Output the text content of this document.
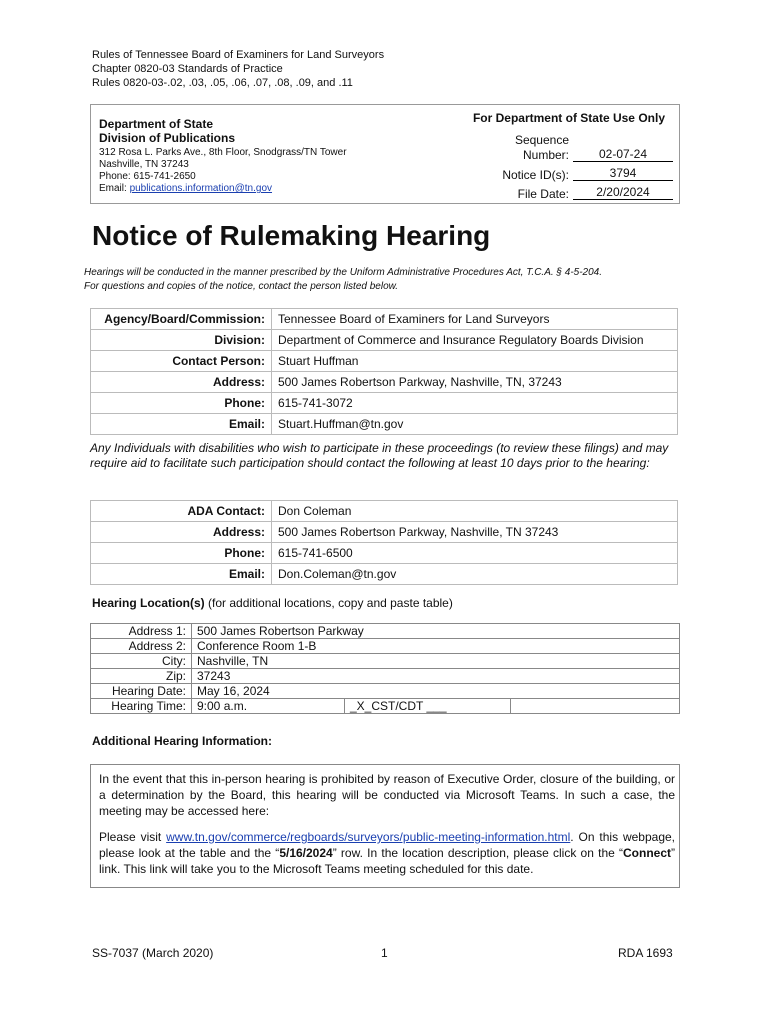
Rules of Tennessee Board of Examiners for Land Surveyors
Chapter 0820-03 Standards of Practice
Rules 0820-03-.02, .03, .05, .06, .07, .08, .09, and .11
Department of State
Division of Publications
312 Rosa L. Parks Ave., 8th Floor, Snodgrass/TN Tower
Nashville, TN 37243
Phone: 615-741-2650
Email: publications.information@tn.gov
For Department of State Use Only
Sequence
Number:	02-07-24
Notice ID(s):	3794
File Date:	2/20/2024
Notice of Rulemaking Hearing
Hearings will be conducted in the manner prescribed by the Uniform Administrative Procedures Act, T.C.A. § 4-5-204.
For questions and copies of the notice, contact the person listed below.
Agency/Board/Commission:	Tennessee Board of Examiners for Land Surveyors
Division:	Department of Commerce and Insurance Regulatory Boards Division
Contact Person:	Stuart Huffman
Address:	500 James Robertson Parkway, Nashville, TN, 37243
Phone:	615-741-3072
Email:	Stuart.Huffman@tn.gov
Any Individuals with disabilities who wish to participate in these proceedings (to review these filings) and may require aid to facilitate such participation should contact the following at least 10 days prior to the hearing:
ADA Contact:	Don Coleman
Address:	500 James Robertson Parkway, Nashville, TN 37243
Phone:	615-741-6500
Email:	Don.Coleman@tn.gov
Hearing Location(s) (for additional locations, copy and paste table)
Address 1:	500 James Robertson Parkway		
Address 2:	Conference Room 1-B		
City:	Nashville, TN		
Zip:	37243		
Hearing Date:	May 16, 2024		
Hearing Time:	9:00 a.m.	_X_CST/CDT ___	
Additional Hearing Information:

In the event that this in-person hearing is prohibited by reason of Executive Order, closure of the building, or a determination by the Board, this hearing will be conducted via Microsoft Teams. In such a case, the meeting may be accessed here:

Please visit www.tn.gov/commerce/regboards/surveyors/public-meeting-information.html. On this webpage, please look at the table and the “5/16/2024” row. In the location description, please click on the “Connect” link. This link will take you to the Microsoft Teams meeting scheduled for this date.

SS-7037 (March 2020)	1	RDA 1693
